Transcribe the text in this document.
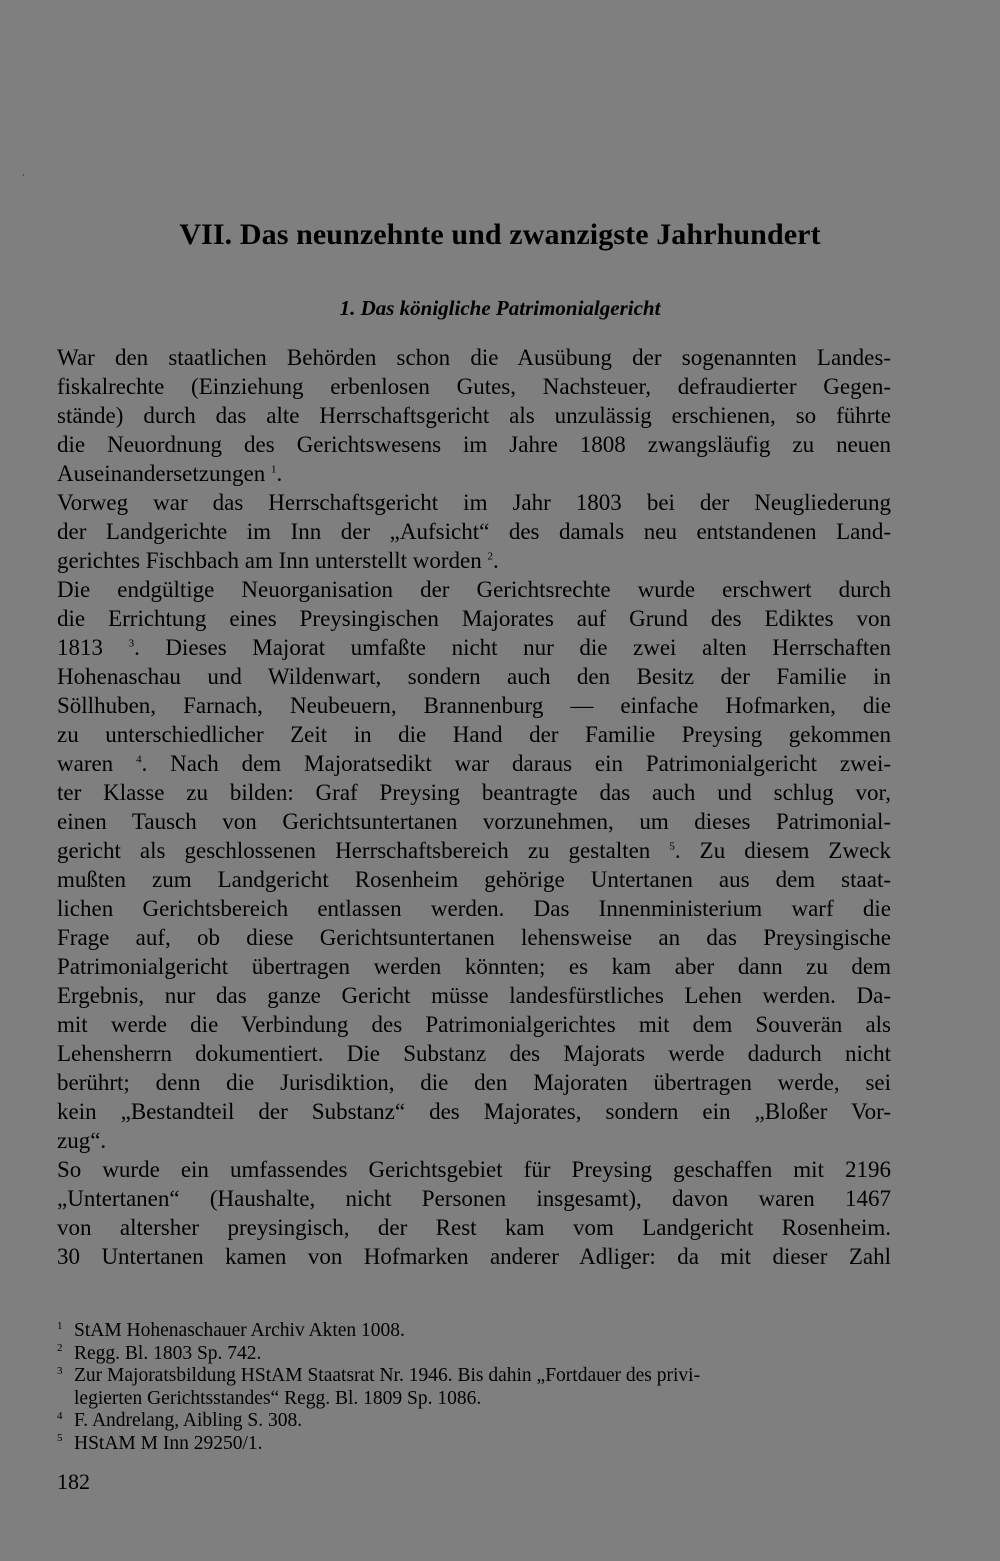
·
VII. Das neunzehnte und zwanzigste Jahrhundert
1. Das königliche Patrimonialgericht

War den staatlichen Behörden schon die Ausübung der sogenannten Landes-
fiskalrechte (Einziehung erbenlosen Gutes, Nachsteuer, defraudierter Gegen-
stände) durch das alte Herrschaftsgericht als unzulässig erschienen, so führte
die Neuordnung des Gerichtswesens im Jahre 1808 zwangsläufig zu neuen
Auseinandersetzungen $^1$.

Vorweg war das Herrschaftsgericht im Jahr 1803 bei der Neugliederung
der Landgerichte im Inn der „Aufsicht“ des damals neu entstandenen Land-
gerichtes Fischbach am Inn unterstellt worden $^2$.

Die endgültige Neuorganisation der Gerichtsrechte wurde erschwert durch
die Errichtung eines Preysingischen Majorates auf Grund des Ediktes von
1813 $^3$. Dieses Majorat umfaßte nicht nur die zwei alten Herrschaften
Hohenaschau und Wildenwart, sondern auch den Besitz der Familie in
Söllhuben, Farnach, Neubeuern, Brannenburg — einfache Hofmarken, die
zu unterschiedlicher Zeit in die Hand der Familie Preysing gekommen
waren $^4$. Nach dem Majoratsedikt war daraus ein Patrimonialgericht zwei-
ter Klasse zu bilden: Graf Preysing beantragte das auch und schlug vor,
einen Tausch von Gerichtsuntertanen vorzunehmen, um dieses Patrimonial-
gericht als geschlossenen Herrschaftsbereich zu gestalten $^5$. Zu diesem Zweck
mußten zum Landgericht Rosenheim gehörige Untertanen aus dem staat-
lichen Gerichtsbereich entlassen werden. Das Innenministerium warf die
Frage auf, ob diese Gerichtsuntertanen lehensweise an das Preysingische
Patrimonialgericht übertragen werden könnten; es kam aber dann zu dem
Ergebnis, nur das ganze Gericht müsse landesfürstliches Lehen werden. Da-
mit werde die Verbindung des Patrimonialgerichtes mit dem Souverän als
Lehensherrn dokumentiert. Die Substanz des Majorats werde dadurch nicht
berührt; denn die Jurisdiktion, die den Majoraten übertragen werde, sei
kein „Bestandteil der Substanz“ des Majorates, sondern ein „Bloßer Vor-
zug“.

So wurde ein umfassendes Gerichtsgebiet für Preysing geschaffen mit 2196
„Untertanen“ (Haushalte, nicht Personen insgesamt), davon waren 1467
von altersher preysingisch, der Rest kam vom Landgericht Rosenheim.
30 Untertanen kamen von Hofmarken anderer Adliger: da mit dieser Zahl

1 StAM Hohenaschauer Archiv Akten 1008.
2 Regg. Bl. 1803 Sp. 742.
3 Zur Majoratsbildung HStAM Staatsrat Nr. 1946. Bis dahin „Fortdauer des privi-
legierten Gerichtsstandes“ Regg. Bl. 1809 Sp. 1086.
4 F. Andrelang, Aibling S. 308.
5 HStAM M Inn 29250/1.
182
